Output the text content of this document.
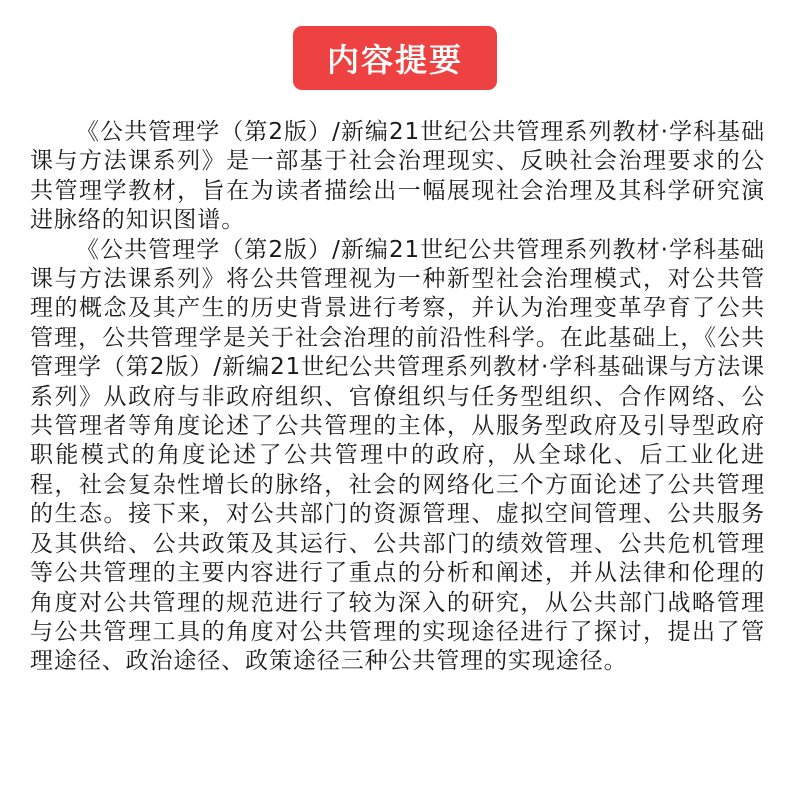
内容提要

《公共管理学（第2版）/新编21世纪公共管理系列教材·学科基础课与方法课系列》是一部基于社会治理现实、反映社会治理要求的公共管理学教材，旨在为读者描绘出一幅展现社会治理及其科学研究演进脉络的知识图谱。

《公共管理学（第2版）/新编21世纪公共管理系列教材·学科基础课与方法课系列》将公共管理视为一种新型社会治理模式，对公共管理的概念及其产生的历史背景进行考察，并认为治理变革孕育了公共管理，公共管理学是关于社会治理的前沿性科学。在此基础上，《公共管理学（第2版）/新编21世纪公共管理系列教材·学科基础课与方法课系列》从政府与非政府组织、官僚组织与任务型组织、合作网络、公共管理者等角度论述了公共管理的主体，从服务型政府及引导型政府职能模式的角度论述了公共管理中的政府，从全球化、后工业化进程，社会复杂性增长的脉络，社会的网络化三个方面论述了公共管理的生态。接下来，对公共部门的资源管理、虚拟空间管理、公共服务及其供给、公共政策及其运行、公共部门的绩效管理、公共危机管理等公共管理的主要内容进行了重点的分析和阐述，并从法律和伦理的角度对公共管理的规范进行了较为深入的研究，从公共部门战略管理与公共管理工具的角度对公共管理的实现途径进行了探讨，提出了管理途径、政治途径、政策途径三种公共管理的实现途径。
